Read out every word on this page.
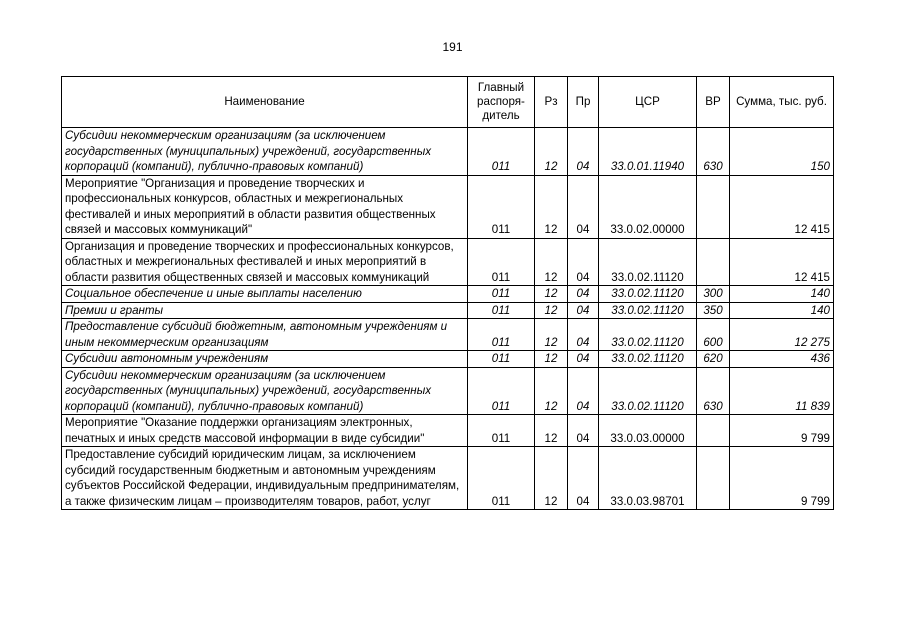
191
Наименование	Главный распоря-дитель	Рз	Пр	ЦСР	ВР	Сумма, тыс. руб.
Субсидии некоммерческим организациям (за исключением государственных (муниципальных) учреждений, государственных корпораций (компаний), публично-правовых компаний)	011	12	04	33.0.01.11940	630	150
Мероприятие "Организация и проведение творческих и профессиональных конкурсов, областных и межрегиональных фестивалей и иных мероприятий в области развития общественных связей и массовых коммуникаций"	011	12	04	33.0.02.00000		12 415
Организация и проведение творческих и профессиональных конкурсов, областных и межрегиональных фестивалей и иных мероприятий в области развития общественных связей и массовых коммуникаций	011	12	04	33.0.02.11120		12 415
Социальное обеспечение и иные выплаты населению	011	12	04	33.0.02.11120	300	140
Премии и гранты	011	12	04	33.0.02.11120	350	140
Предоставление субсидий бюджетным, автономным учреждениям и иным некоммерческим организациям	011	12	04	33.0.02.11120	600	12 275
Субсидии автономным учреждениям	011	12	04	33.0.02.11120	620	436
Субсидии некоммерческим организациям (за исключением государственных (муниципальных) учреждений, государственных корпораций (компаний), публично-правовых компаний)	011	12	04	33.0.02.11120	630	11 839
Мероприятие "Оказание поддержки организациям электронных, печатных и иных средств массовой информации в виде субсидии"	011	12	04	33.0.03.00000		9 799
Предоставление субсидий юридическим лицам, за исключением субсидий государственным бюджетным и автономным учреждениям субъектов Российской Федерации, индивидуальным предпринимателям, а также физическим лицам – производителям товаров, работ, услуг	011	12	04	33.0.03.98701		9 799
